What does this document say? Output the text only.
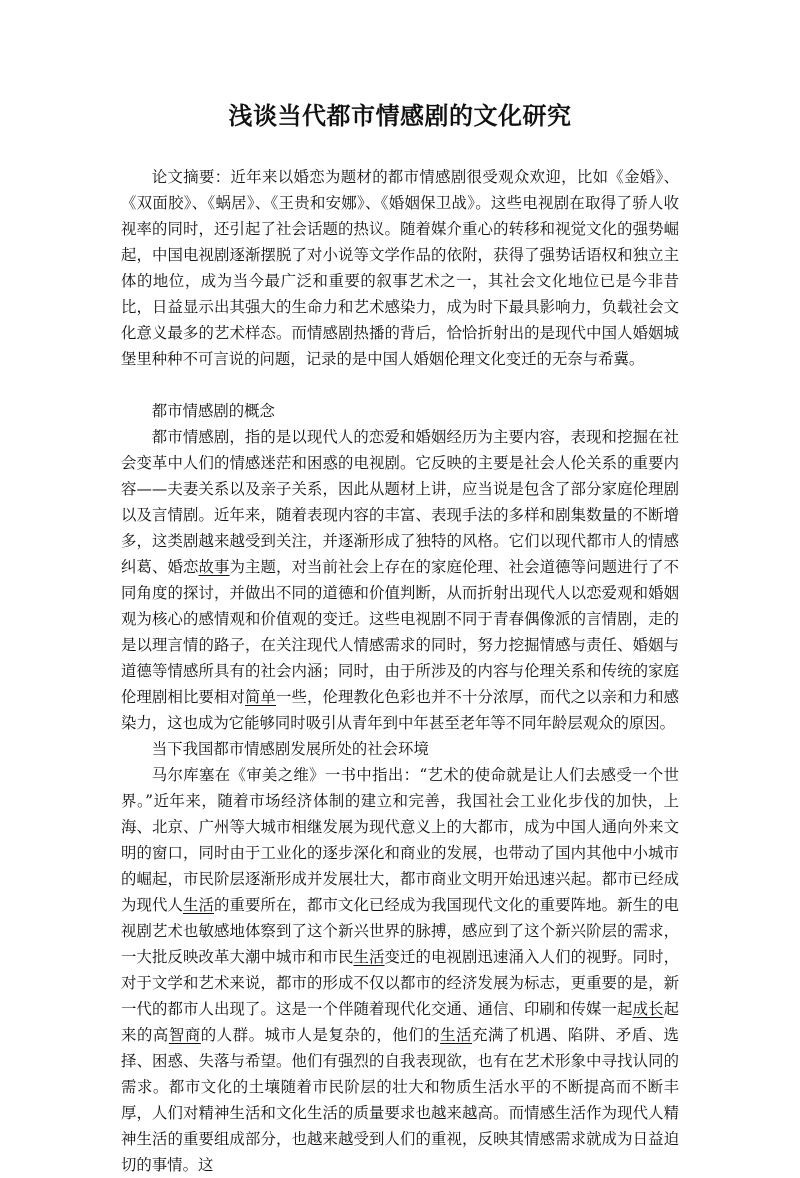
浅谈当代都市情感剧的文化研究

论文摘要：近年来以婚恋为题材的都市情感剧很受观众欢迎，比如《金婚》、《双面胶》、《蜗居》、《王贵和安娜》、《婚姻保卫战》。这些电视剧在取得了骄人收视率的同时，还引起了社会话题的热议。随着媒介重心的转移和视觉文化的强势崛起，中国电视剧逐渐摆脱了对小说等文学作品的依附，获得了强势话语权和独立主体的地位，成为当今最广泛和重要的叙事艺术之一，其社会文化地位已是今非昔比，日益显示出其强大的生命力和艺术感染力，成为时下最具影响力，负载社会文化意义最多的艺术样态。而情感剧热播的背后，恰恰折射出的是现代中国人婚姻城堡里种种不可言说的问题，记录的是中国人婚姻伦理文化变迁的无奈与希冀。

都市情感剧的概念

都市情感剧，指的是以现代人的恋爱和婚姻经历为主要内容，表现和挖掘在社会变革中人们的情感迷茫和困惑的电视剧。它反映的主要是社会人伦关系的重要内容——夫妻关系以及亲子关系，因此从题材上讲，应当说是包含了部分家庭伦理剧以及言情剧。近年来，随着表现内容的丰富、表现手法的多样和剧集数量的不断增多，这类剧越来越受到关注，并逐渐形成了独特的风格。它们以现代都市人的情感纠葛、婚恋故事为主题，对当前社会上存在的家庭伦理、社会道德等问题进行了不同角度的探讨，并做出不同的道德和价值判断，从而折射出现代人以恋爱观和婚姻观为核心的感情观和价值观的变迁。这些电视剧不同于青春偶像派的言情剧，走的是以理言情的路子，在关注现代人情感需求的同时，努力挖掘情感与责任、婚姻与道德等情感所具有的社会内涵；同时，由于所涉及的内容与伦理关系和传统的家庭伦理剧相比要相对简单一些，伦理教化色彩也并不十分浓厚，而代之以亲和力和感染力，这也成为它能够同时吸引从青年到中年甚至老年等不同年龄层观众的原因。

当下我国都市情感剧发展所处的社会环境

马尔库塞在《审美之维》一书中指出：“艺术的使命就是让人们去感受一个世界。”近年来，随着市场经济体制的建立和完善，我国社会工业化步伐的加快，上海、北京、广州等大城市相继发展为现代意义上的大都市，成为中国人通向外来文明的窗口，同时由于工业化的逐步深化和商业的发展，也带动了国内其他中小城市的崛起，市民阶层逐渐形成并发展壮大，都市商业文明开始迅速兴起。都市已经成为现代人生活的重要所在，都市文化已经成为我国现代文化的重要阵地。新生的电视剧艺术也敏感地体察到了这个新兴世界的脉搏，感应到了这个新兴阶层的需求，一大批反映改革大潮中城市和市民生活变迁的电视剧迅速涌入人们的视野。同时，对于文学和艺术来说，都市的形成不仅以都市的经济发展为标志，更重要的是，新一代的都市人出现了。这是一个伴随着现代化交通、通信、印刷和传媒一起成长起来的高智商的人群。城市人是复杂的，他们的生活充满了机遇、陷阱、矛盾、选择、困惑、失落与希望。他们有强烈的自我表现欲，也有在艺术形象中寻找认同的需求。都市文化的土壤随着市民阶层的壮大和物质生活水平的不断提高而不断丰厚，人们对精神生活和文化生活的质量要求也越来越高。而情感生活作为现代人精神生活的重要组成部分，也越来越受到人们的重视，反映其情感需求就成为日益迫切的事情。这
